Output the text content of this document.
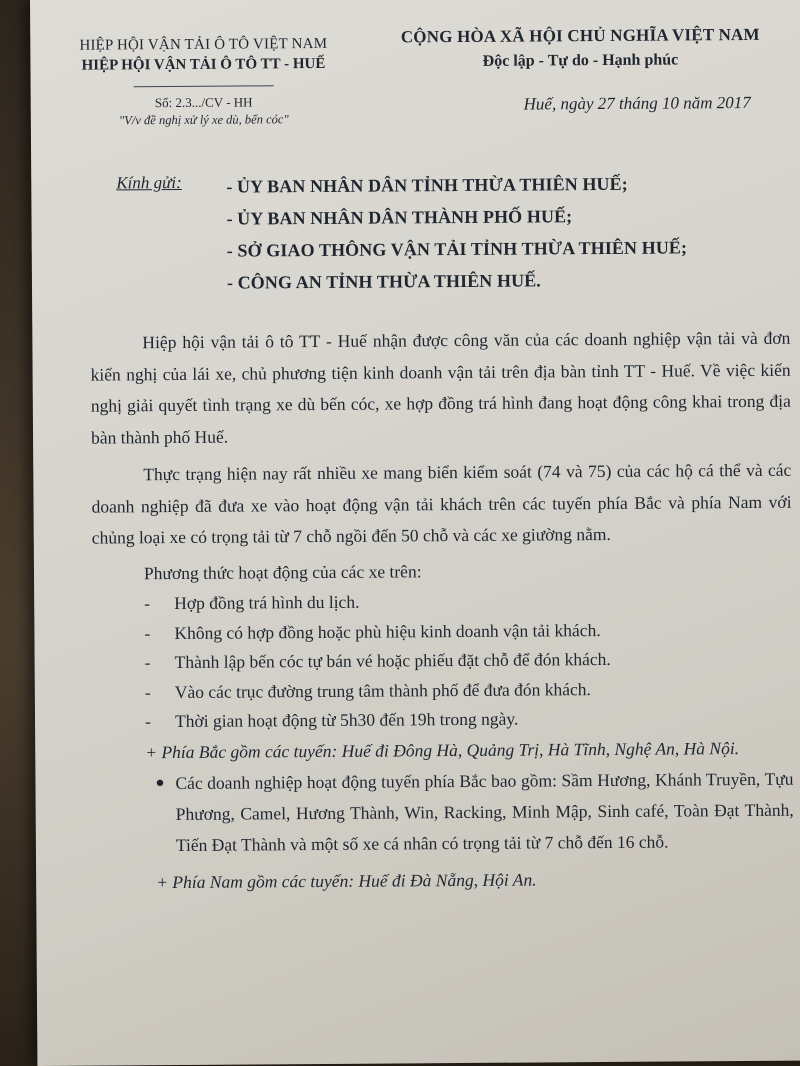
HIỆP HỘI VẬN TẢI Ô TÔ VIỆT NAM
HIỆP HỘI VẬN TẢI Ô TÔ TT - HUẾ
Số: 2.3.../CV - HH
"V/v đề nghị xử lý xe dù, bến cóc"
CỘNG HÒA XÃ HỘI CHỦ NGHĨA VIỆT NAM
Độc lập - Tự do - Hạnh phúc
Huế, ngày 27 tháng 10 năm 2017
Kính gửi: - ỦY BAN NHÂN DÂN TỈNH THỪA THIÊN HUẾ;
- ỦY BAN NHÂN DÂN THÀNH PHỐ HUẾ;
- SỞ GIAO THÔNG VẬN TẢI TỈNH THỪA THIÊN HUẾ;
- CÔNG AN TỈNH THỪA THIÊN HUẾ.

Hiệp hội vận tải ô tô TT - Huế nhận được công văn của các doanh nghiệp vận tải và đơn kiến nghị của lái xe, chủ phương tiện kinh doanh vận tải trên địa bàn tỉnh TT - Huế. Về việc kiến nghị giải quyết tình trạng xe dù bến cóc, xe hợp đồng trá hình đang hoạt động công khai trong địa bàn thành phố Huế.

Thực trạng hiện nay rất nhiều xe mang biển kiểm soát (74 và 75) của các hộ cá thể và các doanh nghiệp đã đưa xe vào hoạt động vận tải khách trên các tuyến phía Bắc và phía Nam với chủng loại xe có trọng tải từ 7 chỗ ngồi đến 50 chỗ và các xe giường nằm.

Phương thức hoạt động của các xe trên:

- Hợp đồng trá hình du lịch.
- Không có hợp đồng hoặc phù hiệu kinh doanh vận tải khách.
- Thành lập bến cóc tự bán vé hoặc phiếu đặt chỗ để đón khách.
- Vào các trục đường trung tâm thành phố để đưa đón khách.
- Thời gian hoạt động từ 5h30 đến 19h trong ngày.
+ Phía Bắc gồm các tuyến: Huế đi Đông Hà, Quảng Trị, Hà Tĩnh, Nghệ An, Hà Nội.
● Các doanh nghiệp hoạt động tuyến phía Bắc bao gồm: Sầm Hương, Khánh Truyền, Tựu Phương, Camel, Hương Thành, Win, Racking, Minh Mập, Sinh café, Toàn Đạt Thành, Tiến Đạt Thành và một số xe cá nhân có trọng tải từ 7 chỗ đến 16 chỗ.
+ Phía Nam gồm các tuyến: Huế đi Đà Nẵng, Hội An.
